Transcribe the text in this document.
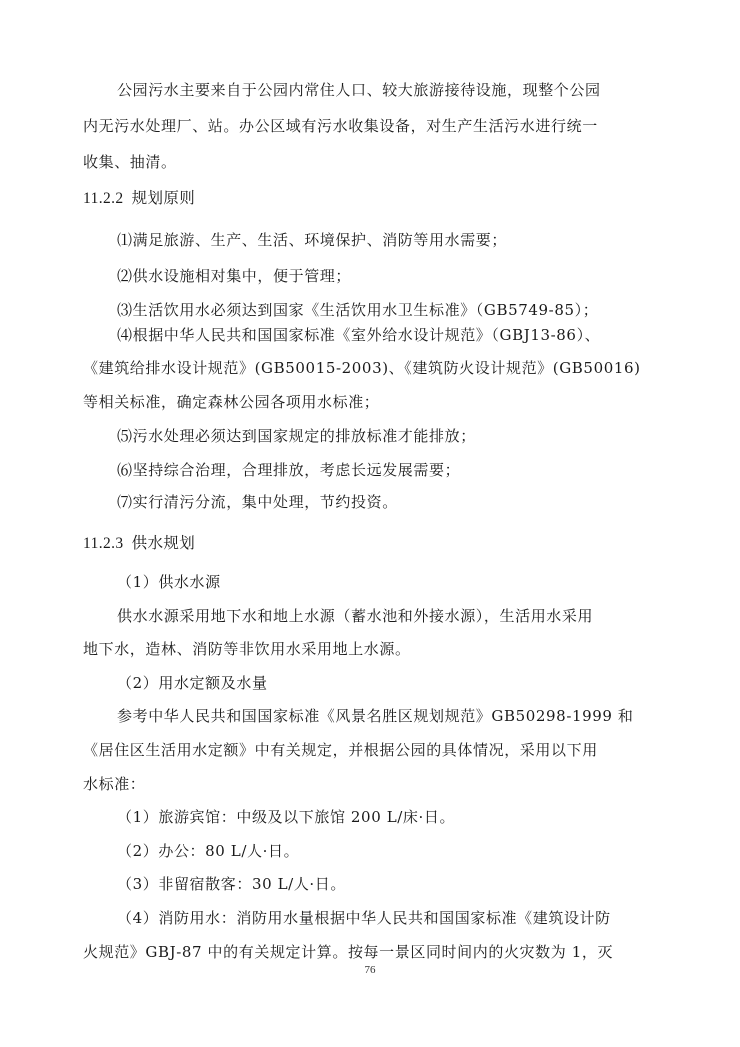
公园污水主要来自于公园内常住人口、较大旅游接待设施，现整个公园
内无污水处理厂、站。办公区域有污水收集设备，对生产生活污水进行统一
收集、抽清。
11.2.2 规划原则
⑴满足旅游、生产、生活、环境保护、消防等用水需要；
⑵供水设施相对集中，便于管理；
⑶生活饮用水必须达到国家《生活饮用水卫生标准》（GB5749-85）；
⑷根据中华人民共和国国家标准《室外给水设计规范》（GBJ13-86）、
《建筑给排水设计规范》(GB50015-2003)、《建筑防火设计规范》(GB50016)
等相关标准，确定森林公园各项用水标准；
⑸污水处理必须达到国家规定的排放标准才能排放；
⑹坚持综合治理，合理排放，考虑长远发展需要；
⑺实行清污分流，集中处理，节约投资。
11.2.3 供水规划
（1）供水水源
供水水源采用地下水和地上水源（蓄水池和外接水源），生活用水采用
地下水，造林、消防等非饮用水采用地上水源。
（2）用水定额及水量
参考中华人民共和国国家标准《风景名胜区规划规范》GB50298-1999 和
《居住区生活用水定额》中有关规定，并根据公园的具体情况，采用以下用
水标准：
（1）旅游宾馆：中级及以下旅馆 200 L/床·日。
（2）办公：80 L/人·日。
（3）非留宿散客：30 L/人·日。
（4）消防用水：消防用水量根据中华人民共和国国家标准《建筑设计防
火规范》GBJ-87 中的有关规定计算。按每一景区同时间内的火灾数为 1，灭
76
